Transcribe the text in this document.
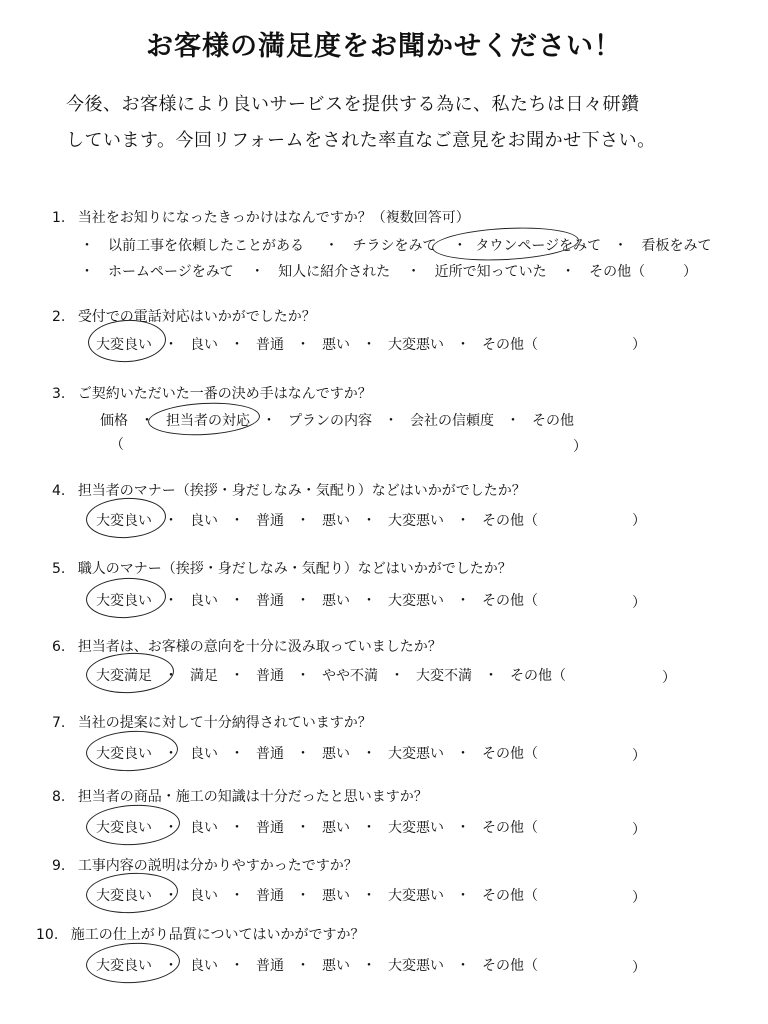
お客様の満足度をお聞かせください！
今後、お客様により良いサービスを提供する為に、私たちは日々研鑽
しています。今回リフォームをされた率直なご意見をお聞かせ下さい。
1. 当社をお知りになったきっかけはなんですか？（複数回答可）
・　以前工事を依頼したことがある ・　チラシをみて ・ タウンページをみて ・　看板をみて
・　ホームページをみて ・　知人に紹介された ・　近所で知っていた ・　その他（	）
2. 受付での電話対応はいかがでしたか？
大変良い ・ 良い ・ 普通 ・ 悪い ・ 大変悪い ・ その他（	）
3. ご契約いただいた一番の決め手はなんですか？
価格 ・ 担当者の対応 ・ プランの内容 ・ 会社の信頼度 ・ その他
（	）
4. 担当者のマナー（挨拶・身だしなみ・気配り）などはいかがでしたか？
大変良い ・ 良い ・ 普通 ・ 悪い ・ 大変悪い ・ その他（	）
5. 職人のマナー（挨拶・身だしなみ・気配り）などはいかがでしたか？
大変良い ・ 良い ・ 普通 ・ 悪い ・ 大変悪い ・ その他（	）
6. 担当者は、お客様の意向を十分に汲み取っていましたか？
大変満足 ・ 満足 ・ 普通 ・ やや不満 ・ 大変不満 ・ その他（	）
7. 当社の提案に対して十分納得されていますか？
大変良い ・ 良い ・ 普通 ・ 悪い ・ 大変悪い ・ その他（	）
8. 担当者の商品・施工の知識は十分だったと思いますか？
大変良い ・ 良い ・ 普通 ・ 悪い ・ 大変悪い ・ その他（	）
9. 工事内容の説明は分かりやすかったですか？
大変良い ・ 良い ・ 普通 ・ 悪い ・ 大変悪い ・ その他（	）
10. 施工の仕上がり品質についてはいかがですか？
大変良い ・ 良い ・ 普通 ・ 悪い ・ 大変悪い ・ その他（	）
